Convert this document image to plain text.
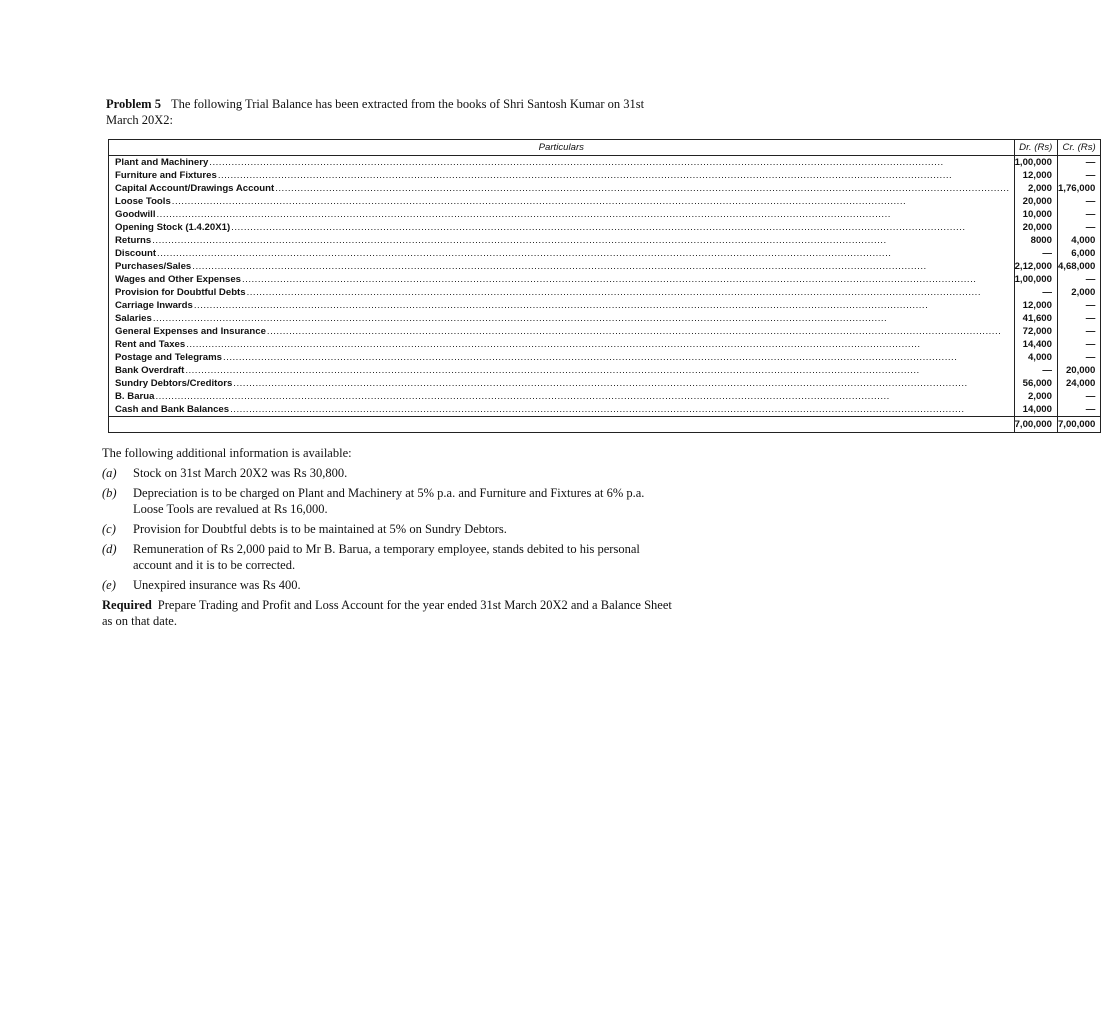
Problem 5 The following Trial Balance has been extracted from the books of Shri Santosh Kumar on 31st March 20X2:

Particulars	Dr. (Rs)	Cr. (Rs)

Plant and Machinery
.....	1,00,000	—

Furniture and Fixtures
.....	12,000	—

Capital Account/Drawings Account
.....	2,000	1,76,000

Loose Tools
.....	20,000	—

Goodwill
.....	10,000	—

Opening Stock (1.4.20X1)
.....	20,000	—

Returns
.....	8000	4,000

Discount
.....	—	6,000

Purchases/Sales
.....	2,12,000	4,68,000

Wages and Other Expenses
.....	1,00,000	—

Provision for Doubtful Debts
.....	—	2,000

Carriage Inwards
.....	12,000	—

Salaries
.....	41,600	—

General Expenses and Insurance
.....	72,000	—

Rent and Taxes
.....	14,400	—

Postage and Telegrams
.....	4,000	—

Bank Overdraft
.....	—	20,000

Sundry Debtors/Creditors
.....	56,000	24,000

B. Barua
.....	2,000	—

Cash and Bank Balances
.....	14,000	—
	7,00,000	7,00,000
The following additional information is available:
(a)	Stock on 31st March 20X2 was Rs 30,800.
(b)	Depreciation is to be charged on Plant and Machinery at 5% p.a. and Furniture and Fixtures at 6% p.a. Loose Tools are revalued at Rs 16,000.
(c)	Provision for Doubtful debts is to be maintained at 5% on Sundry Debtors.
(d)	Remuneration of Rs 2,000 paid to Mr B. Barua, a temporary employee, stands debited to his personal account and it is to be corrected.
(e)	Unexpired insurance was Rs 400.
Required Prepare Trading and Profit and Loss Account for the year ended 31st March 20X2 and a Balance Sheet as on that date.
